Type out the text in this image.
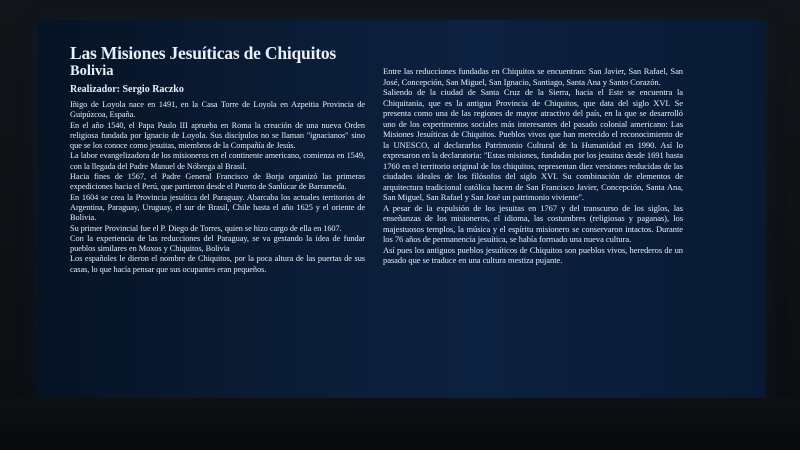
Las Misiones Jesuíticas de Chiquitos

Bolivia

Realizador: Sergio Raczko

Iñigo de Loyola nace en 1491, en la Casa Torre de Loyola en Azpeitia Provincia de Guipúzcoa, España.

En el año 1540, el Papa Paulo III aprueba en Roma la creación de una nueva Orden religiosa fundada por Ignacio de Loyola. Sus discípulos no se llaman "ignacianos" sino que se los conoce como jesuitas, miembros de la Compañía de Jesús.

La labor evangelizadora de los misioneros en el continente americano, comienza en 1549, con la llegada del Padre Manuel de Nóbrega al Brasil.

Hacia fines de 1567, el Padre General Francisco de Borja organizó las primeras expediciones hacia el Perú, que partieron desde el Puerto de Sanlúcar de Barrameda.

En 1604 se crea la Provincia jesuítica del Paraguay. Abarcaba los actuales territorios de Argentina, Paraguay, Uruguay, el sur de Brasil, Chile hasta el año 1625 y el oriente de Bolivia.

Su primer Provincial fue el P. Diego de Torres, quien se hizo cargo de ella en 1607.

Con la experiencia de las reducciones del Paraguay, se va gestando la idea de fundar pueblos similares en Moxos y Chiquitos, Bolivia

Los españoles le dieron el nombre de Chiquitos, por la poca altura de las puertas de sus casas, lo que hacía pensar que sus ocupantes eran pequeños.

Entre las reducciones fundadas en Chiquitos se encuentran: San Javier, San Rafael, San José, Concepción, San Miguel, San Ignacio, Santiago, Santa Ana y Santo Corazón.

Saliendo de la ciudad de Santa Cruz de la Sierra, hacia el Este se encuentra la Chiquitania, que es la antigua Provincia de Chiquitos, que data del siglo XVI. Se presenta como una de las regiones de mayor atractivo del país, en la que se desarrolló uno de los experimentos sociales más interesantes del pasado colonial americano: Las Misiones Jesuíticas de Chiquitos. Pueblos vivos que han merecido el reconocimiento de la UNESCO, al declararlos Patrimonio Cultural de la Humanidad en 1990. Así lo expresaron en la declaratoria: "Estas misiones, fundadas por los jesuitas desde 1691 hasta 1760 en el territorio original de los chiquitos, representan diez versiones reducidas de las ciudades ideales de los filósofos del siglo XVI. Su combinación de elementos de arquitectura tradicional católica hacen de San Francisco Javier, Concepción, Santa Ana, San Miguel, San Rafael y San José un patrimonio viviente".

A pesar de la expulsión de los jesuitas en 1767 y del transcurso de los siglos, las enseñanzas de los misioneros, el idioma, las costumbres (religiosas y paganas), los majestuosos templos, la música y el espíritu misionero se conservaron intactos. Durante los 76 años de permanencia jesuítica, se había formado una nueva cultura.

Así pues los antiguos pueblos jesuíticos de Chiquitos son pueblos vivos, herederos de un pasado que se traduce en una cultura mestiza pujante.
